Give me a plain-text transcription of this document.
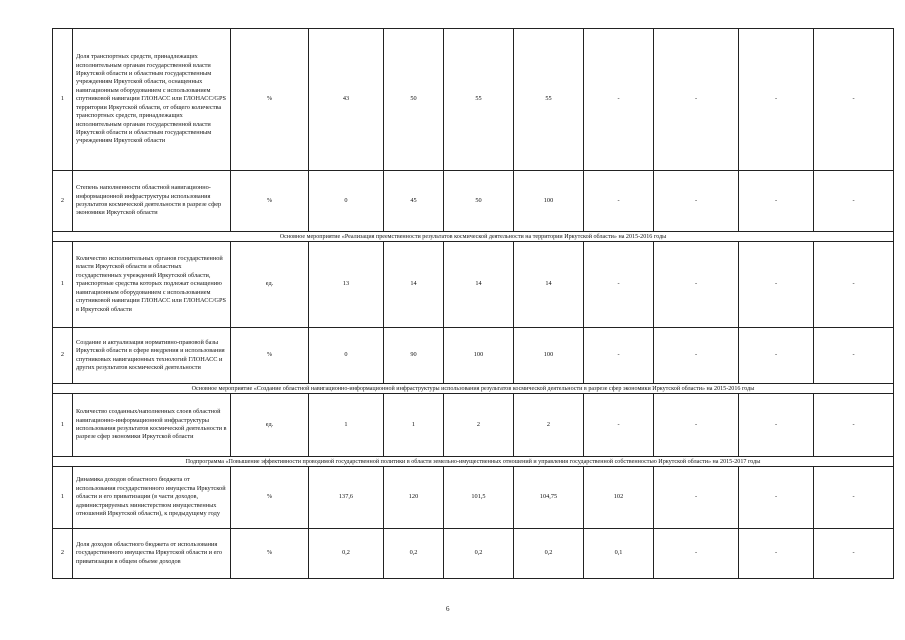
1	Доля транспортных средств, принадлежащих исполнительным органам государственной власти Иркутской области и областным государственным учреждениям Иркутской области, оснащенных навигационным оборудованием с использованием спутниковой навигации ГЛОНАСС или ГЛОНАСС/GPS территории Иркутской области, от общего количества транспортных средств, принадлежащих исполнительным органам государственной власти Иркутской области и областным государственным учреждениям Иркутской области	%	43	50	55	55	-	-	-	-
2	Степень наполненности областной навигационно-информационной инфраструктуры использования результатов космической деятельности в разрезе сфер экономики Иркутской области	%	0	45	50	100	-	-	-	-
Основное мероприятие «Реализация преемственности результатов космической деятельности на территории Иркутской области» на 2015-2016 годы										
1	Количество исполнительных органов государственной власти Иркутской области и областных государственных учреждений Иркутской области, транспортные средства которых подлежат оснащению навигационным оборудованием с использованием спутниковой навигации ГЛОНАСС или ГЛОНАСС/GPS в Иркутской области	ед.	13	14	14	14	-	-	-	-
2	Создание и актуализация нормативно-правовой базы Иркутской области в сфере внедрения и использования спутниковых навигационных технологий ГЛОНАСС и других результатов космической деятельности	%	0	90	100	100	-	-	-	-
Основное мероприятие «Создание областной навигационно-информационной инфраструктуры использования результатов космической деятельности в разрезе сфер экономики Иркутской области» на 2015-2016 годы										
1	Количество созданных/наполненных слоев областной навигационно-информационной инфраструктуры использования результатов космической деятельности в разрезе сфер экономики Иркутской области	ед.	1	1	2	2	-	-	-	-
Подпрограмма «Повышение эффективности проводимой государственной политики в области земельно-имущественных отношений и управления государственной собственностью Иркутской области» на 2015-2017 годы										
1	Динамика доходов областного бюджета от использования государственного имущества Иркутской области и его приватизации (в части доходов, администрируемых министерством имущественных отношений Иркутской области), к предыдущему году	%	137,6	120	101,5	104,75	102	-	-	-
2	Доля доходов областного бюджета от использования государственного имущества Иркутской области и его приватизации в общем объеме доходов	%	0,2	0,2	0,2	0,2	0,1	-	-	-
6
